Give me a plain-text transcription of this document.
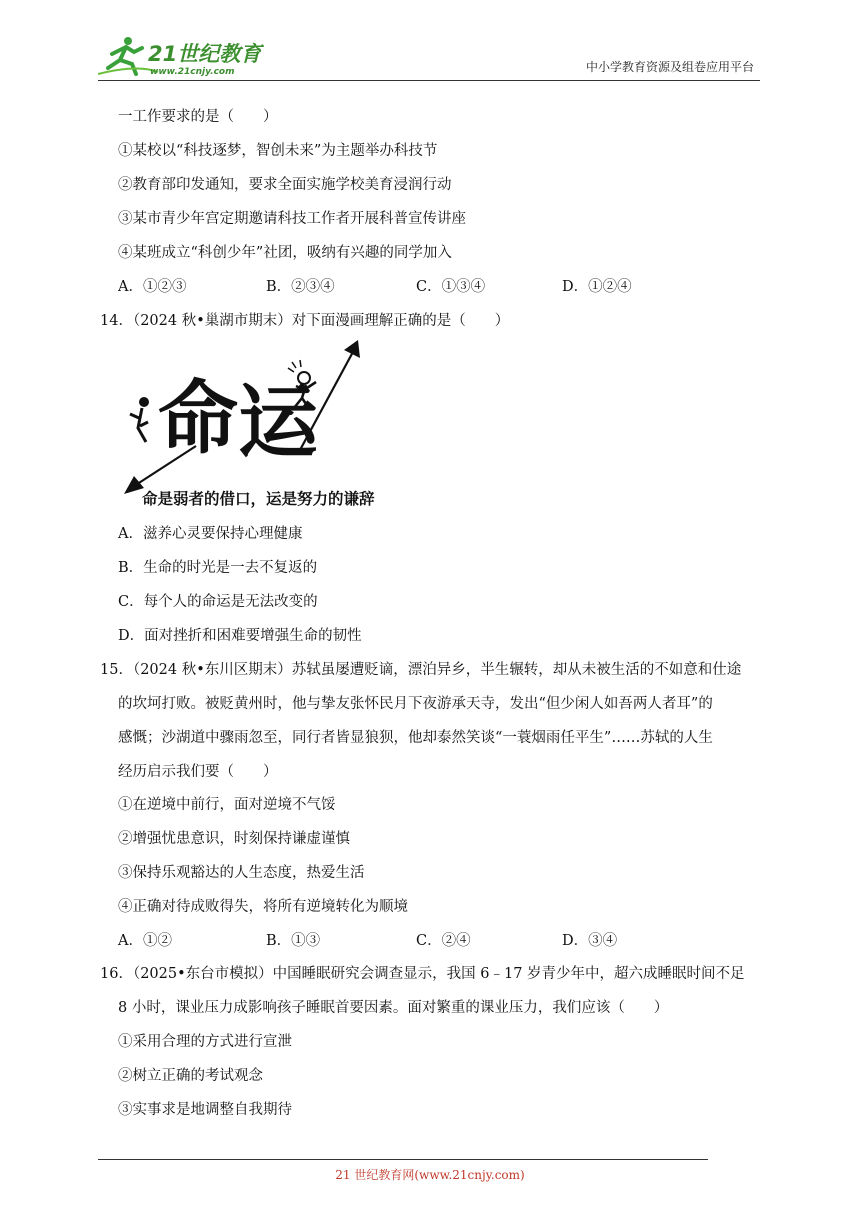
21世纪教育
www.21cnjy.com	中小学教育资源及组卷应用平台
一工作要求的是（　　）
①某校以“科技逐梦，智创未来”为主题举办科技节
②教育部印发通知，要求全面实施学校美育浸润行动
③某市青少年宫定期邀请科技工作者开展科普宣传讲座
④某班成立“科创少年”社团，吸纳有兴趣的同学加入
A．①②③	B．②③④	C．①③④	D．①②④
14．（2024 秋•巢湖市期末）对下面漫画理解正确的是（　　）
命 运
命是弱者的借口，运是努力的谦辞
A．滋养心灵要保持心理健康
B．生命的时光是一去不复返的
C．每个人的命运是无法改变的
D．面对挫折和困难要增强生命的韧性
15．（2024 秋•东川区期末）苏轼虽屡遭贬谪，漂泊异乡，半生辗转，却从未被生活的不如意和仕途
的坎坷打败。被贬黄州时，他与挚友张怀民月下夜游承天寺，发出“但少闲人如吾两人者耳”的
感慨；沙湖道中骤雨忽至，同行者皆显狼狈，他却泰然笑谈“一蓑烟雨任平生”……苏轼的人生
经历启示我们要（　　）
①在逆境中前行，面对逆境不气馁
②增强忧患意识，时刻保持谦虚谨慎
③保持乐观豁达的人生态度，热爱生活
④正确对待成败得失，将所有逆境转化为顺境
A．①②	B．①③	C．②④	D．③④
16．（2025•东台市模拟）中国睡眠研究会调查显示，我国 6﹣17 岁青少年中，超六成睡眠时间不足
8 小时，课业压力成影响孩子睡眠首要因素。面对繁重的课业压力，我们应该（　　）
①采用合理的方式进行宣泄
②树立正确的考试观念
③实事求是地调整自我期待
21 世纪教育网(www.21cnjy.com)
